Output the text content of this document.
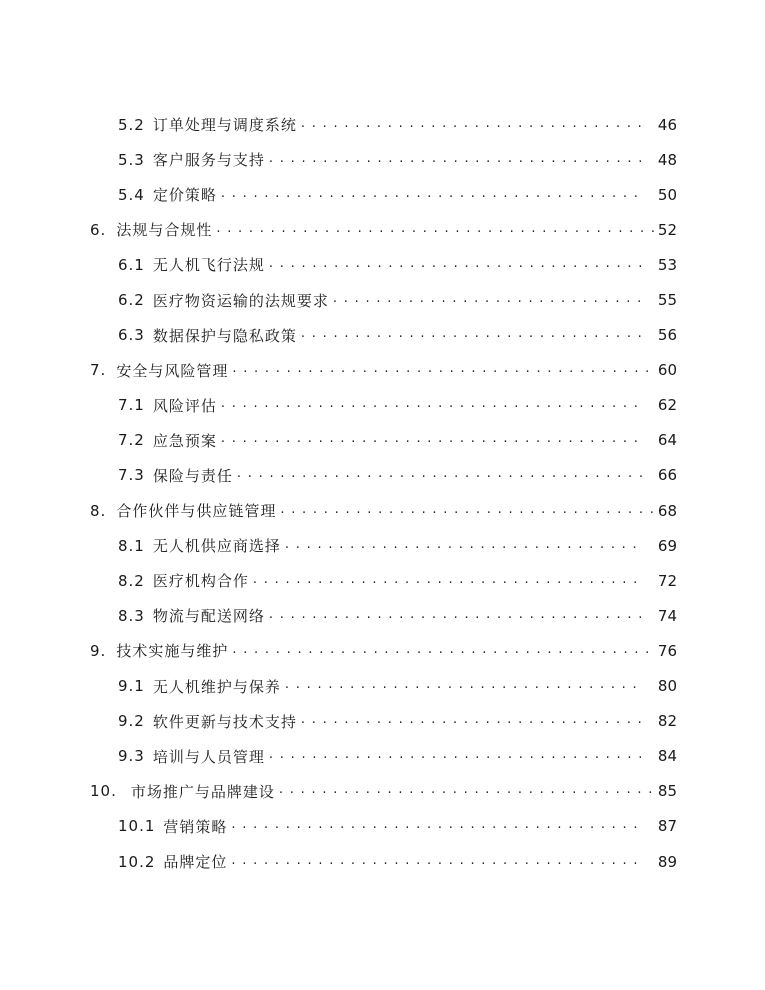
5.2 订单处理与调度系统 . . .	46
5.3 客户服务与支持 . . .	48
5.4 定价策略 . . .	50
6. 法规与合规性 . . .	52
6.1 无人机飞行法规 . . .	53
6.2 医疗物资运输的法规要求 . . .	55
6.3 数据保护与隐私政策 . . .	56
7. 安全与风险管理 . . .	60
7.1 风险评估 . . .	62
7.2 应急预案 . . .	64
7.3 保险与责任 . . .	66
8. 合作伙伴与供应链管理 . . .	68
8.1 无人机供应商选择 . . .	69
8.2 医疗机构合作 . . .	72
8.3 物流与配送网络 . . .	74
9. 技术实施与维护 . . .	76
9.1 无人机维护与保养 . . .	80
9.2 软件更新与技术支持 . . .	82
9.3 培训与人员管理 . . .	84
10. 市场推广与品牌建设 . . .	85
10.1 营销策略 . . .	87
10.2 品牌定位 . . .	89
